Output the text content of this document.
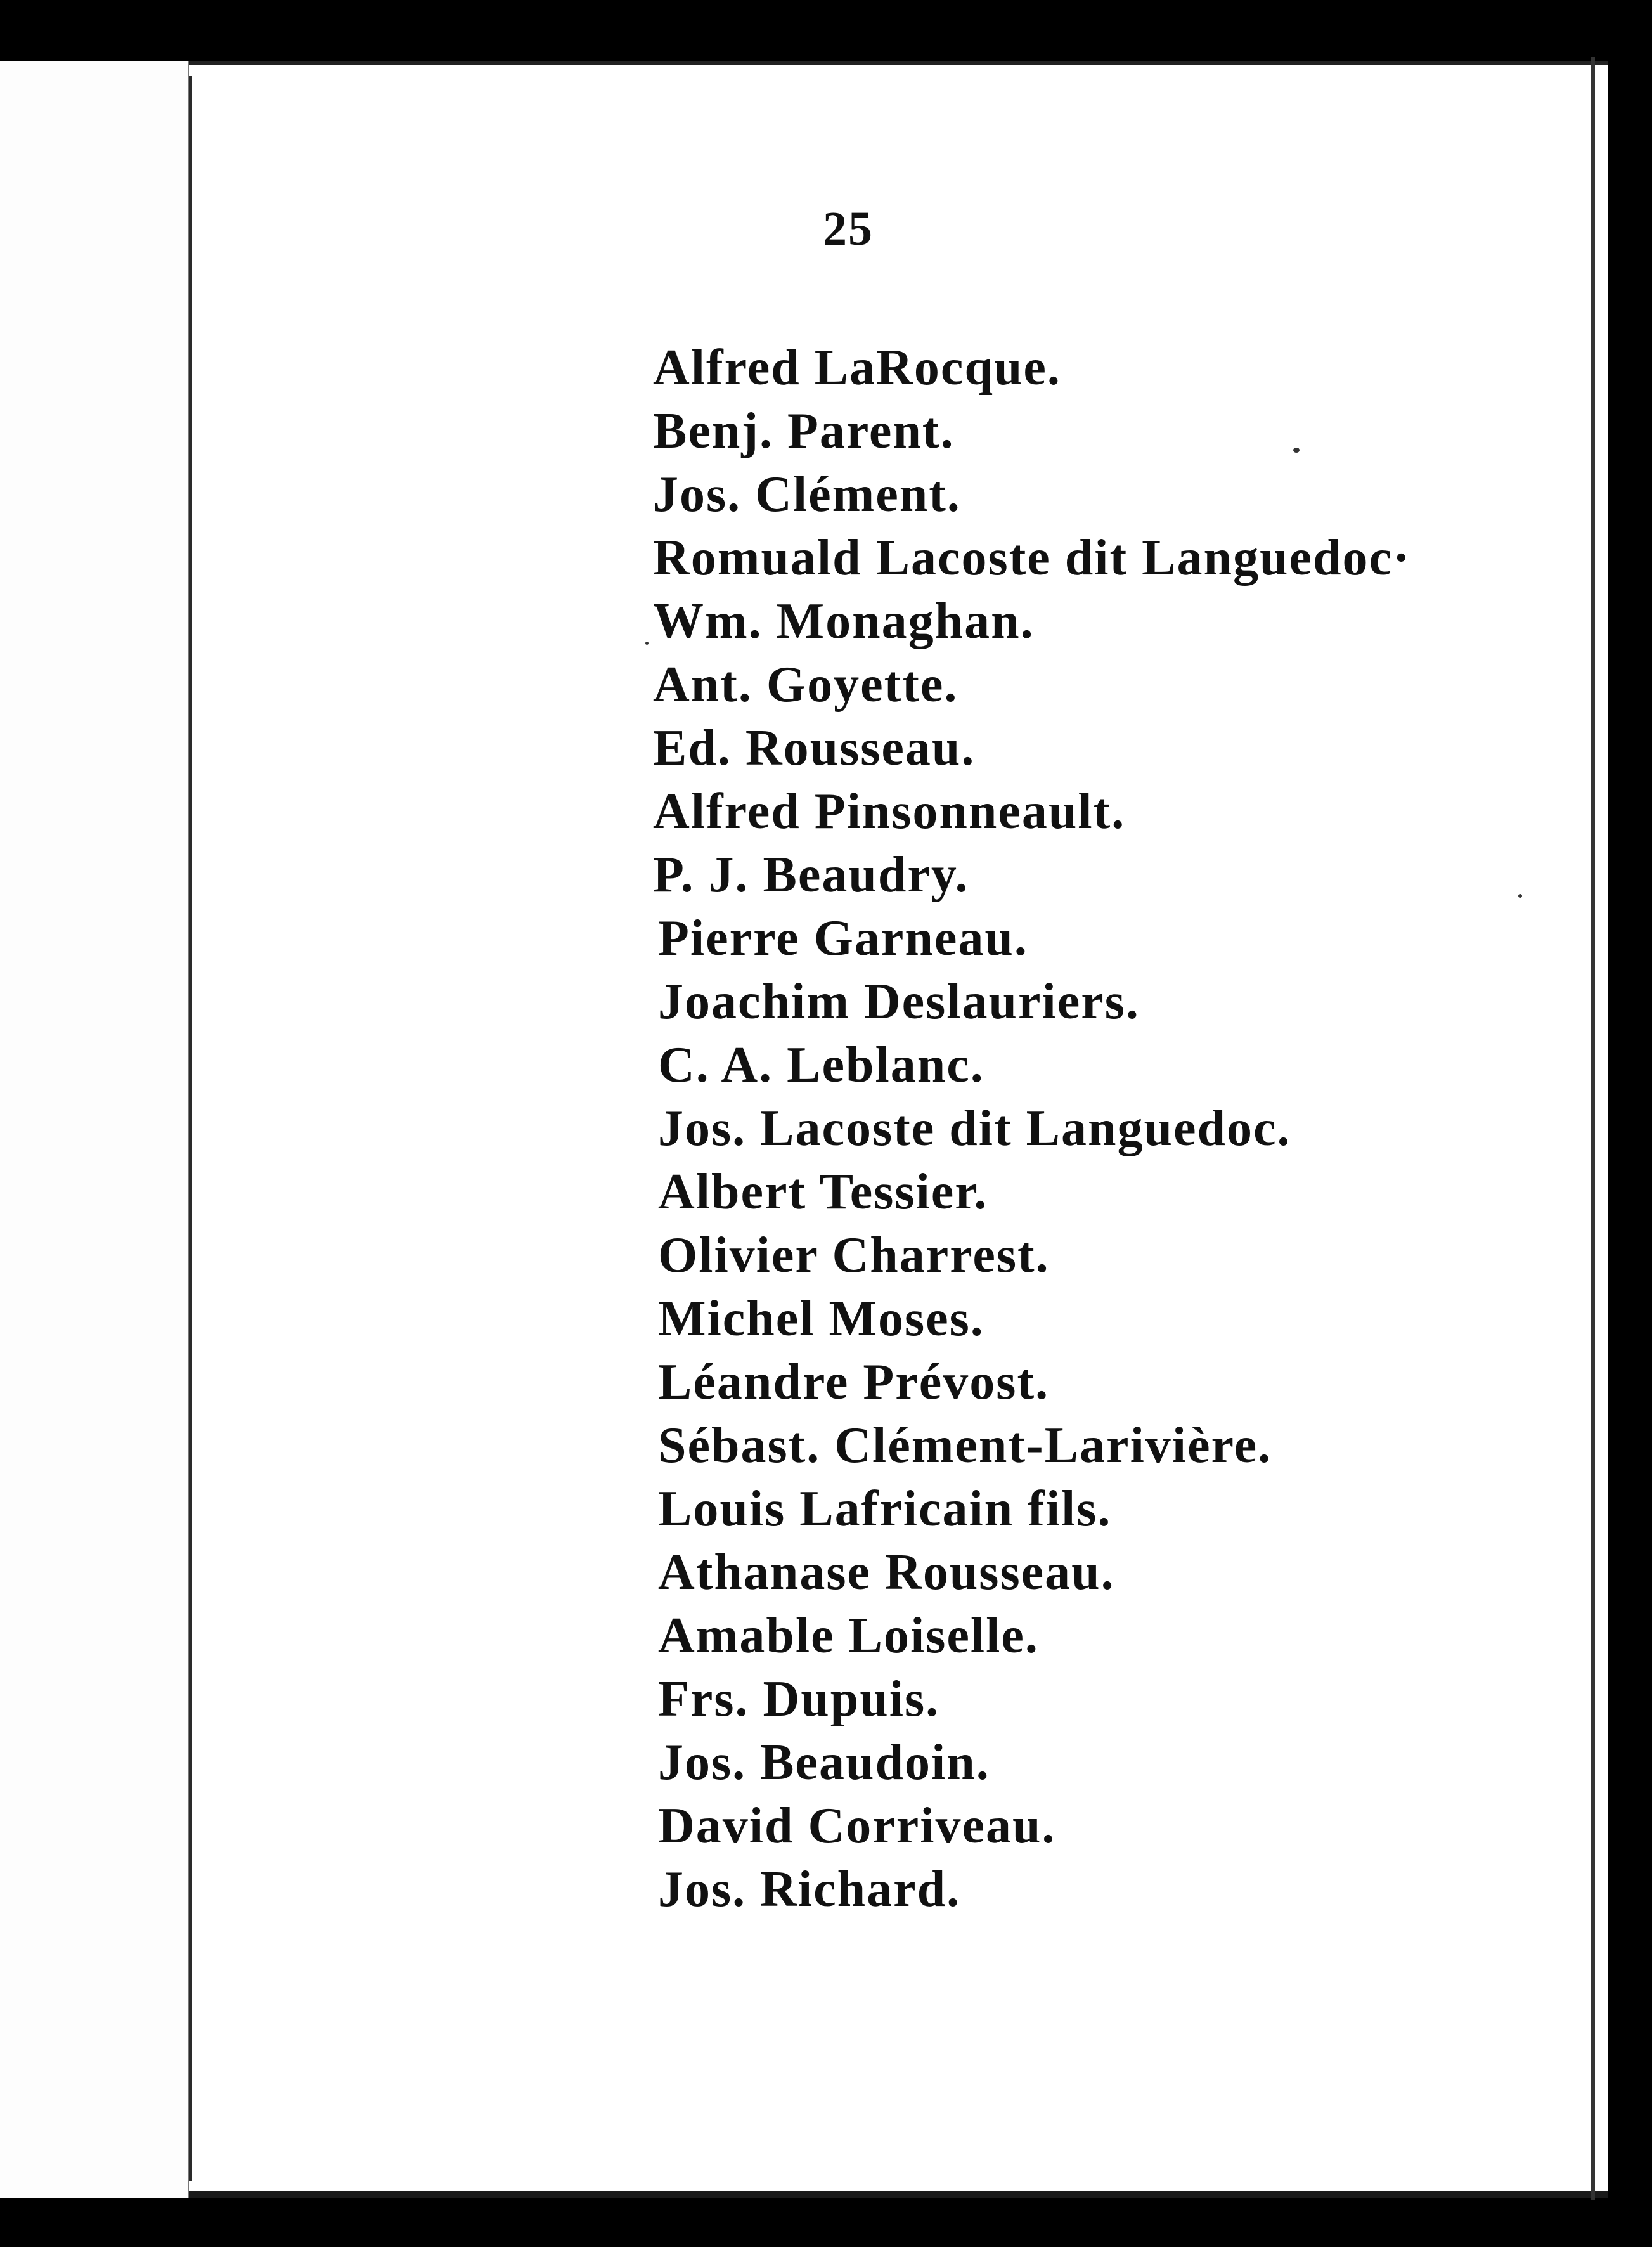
25
Alfred LaRocque.
Benj. Parent.
Jos. Clément.
Romuald Lacoste dit Languedoc·
Wm. Monaghan.
Ant. Goyette.
Ed. Rousseau.
Alfred Pinsonneault.
P. J. Beaudry.
Pierre Garneau.
Joachim Deslauriers.
C. A. Leblanc.
Jos. Lacoste dit Languedoc.
Albert Tessier.
Olivier Charrest.
Michel Moses.
Léandre Prévost.
Sébast. Clément-Larivière.
Louis Lafricain fils.
Athanase Rousseau.
Amable Loiselle.
Frs. Dupuis.
Jos. Beaudoin.
David Corriveau.
Jos. Richard.
